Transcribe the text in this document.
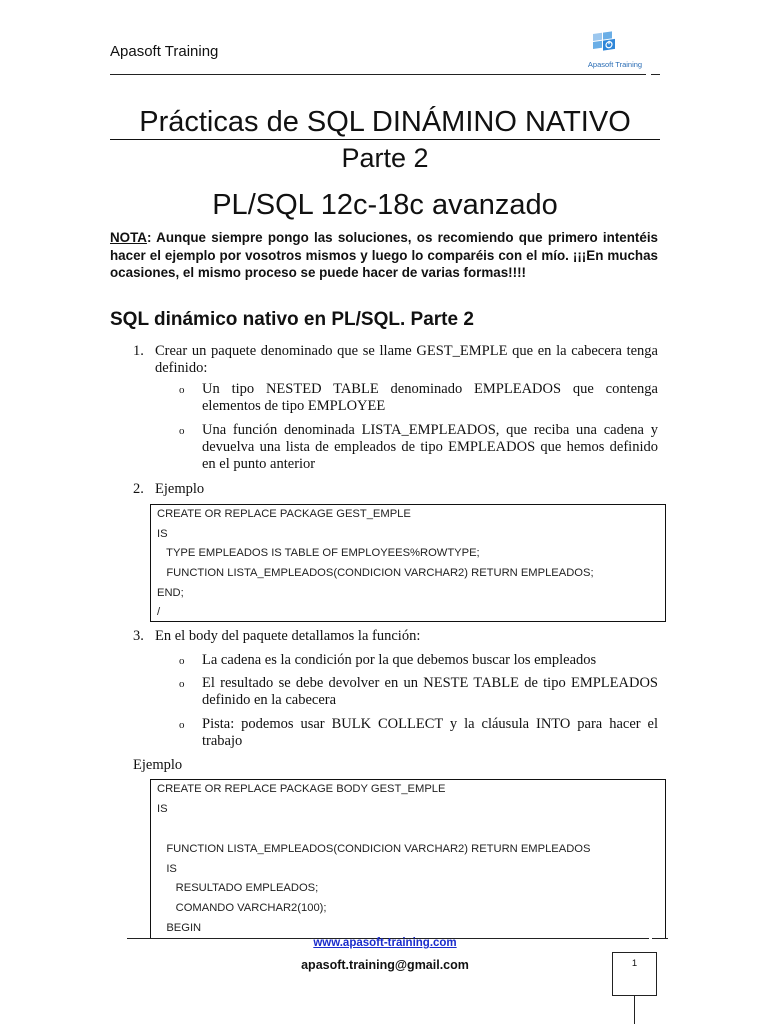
Apasoft Training
Apasoft Training
Prácticas de SQL DINÁMINO NATIVO
Parte 2
PL/SQL 12c-18c avanzado
NOTA: Aunque siempre pongo las soluciones, os recomiendo que primero intentéis hacer el ejemplo por vosotros mismos y luego lo comparéis con el mío. ¡¡¡En muchas ocasiones, el mismo proceso se puede hacer de varias formas!!!!
SQL dinámico nativo en PL/SQL. Parte 2
1. Crear un paquete denominado que se llame GEST_EMPLE que en la cabecera tenga definido:
o Un tipo NESTED TABLE denominado EMPLEADOS que contenga elementos de tipo EMPLOYEE
o Una función denominada LISTA_EMPLEADOS, que reciba una cadena y devuelva una lista de empleados de tipo EMPLEADOS que hemos definido en el punto anterior
2. Ejemplo
CREATE OR REPLACE PACKAGE GEST_EMPLE
IS
TYPE EMPLEADOS IS TABLE OF EMPLOYEES%ROWTYPE;
FUNCTION LISTA_EMPLEADOS(CONDICION VARCHAR2) RETURN EMPLEADOS;
END;
/
3. En el body del paquete detallamos la función:
o La cadena es la condición por la que debemos buscar los empleados
o El resultado se debe devolver en un NESTE TABLE de tipo EMPLEADOS definido en la cabecera
o Pista: podemos usar BULK COLLECT y la cláusula INTO para hacer el trabajo
Ejemplo
CREATE OR REPLACE PACKAGE BODY GEST_EMPLE
IS
FUNCTION LISTA_EMPLEADOS(CONDICION VARCHAR2) RETURN EMPLEADOS
IS
RESULTADO EMPLEADOS;
COMANDO VARCHAR2(100);
BEGIN
www.apasoft-training.com
apasoft.training@gmail.com	1
